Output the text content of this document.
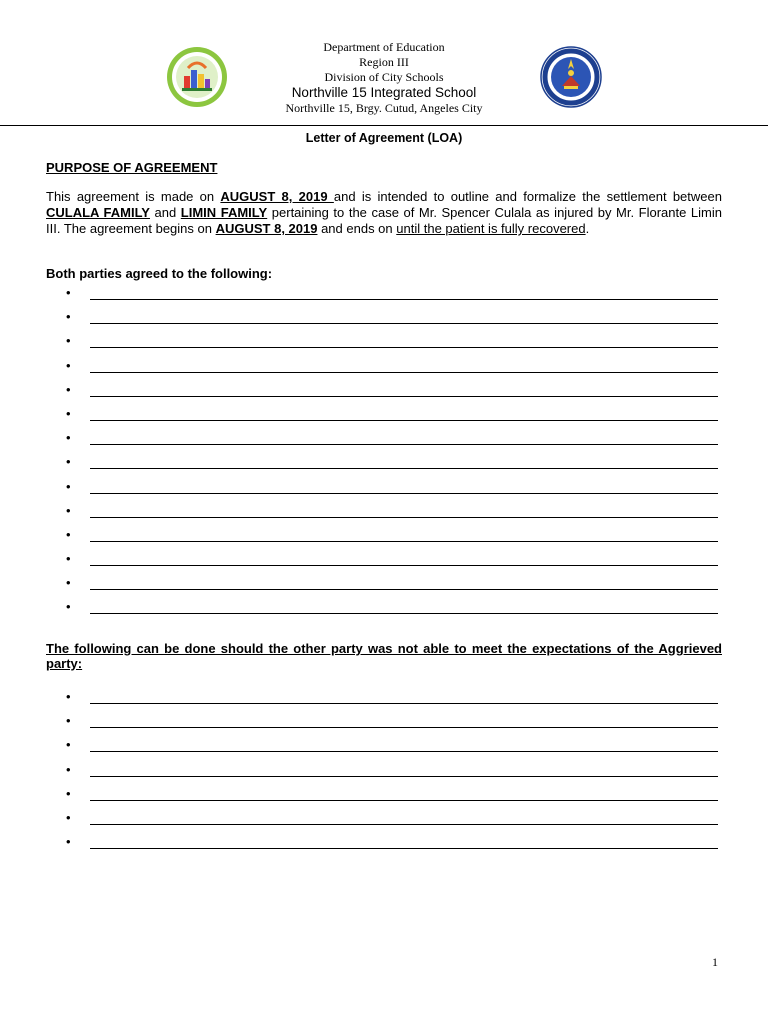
Department of Education
Region III
Division of City Schools
Northville 15 Integrated School
Northville 15, Brgy. Cutud, Angeles City
Letter of Agreement (LOA)
PURPOSE OF AGREEMENT
This agreement is made on AUGUST 8, 2019 and is intended to outline and formalize the settlement between CULALA FAMILY and LIMIN FAMILY pertaining to the case of Mr. Spencer Culala as injured by Mr. Florante Limin III. The agreement begins on AUGUST 8, 2019 and ends on until the patient is fully recovered.
Both parties agreed to the following:
•
•
•
•
•
•
•
•
•
•
•
•
•
•
The following can be done should the other party was not able to meet the expectations of the Aggrieved party:
•
•
•
•
•
•
•
1
